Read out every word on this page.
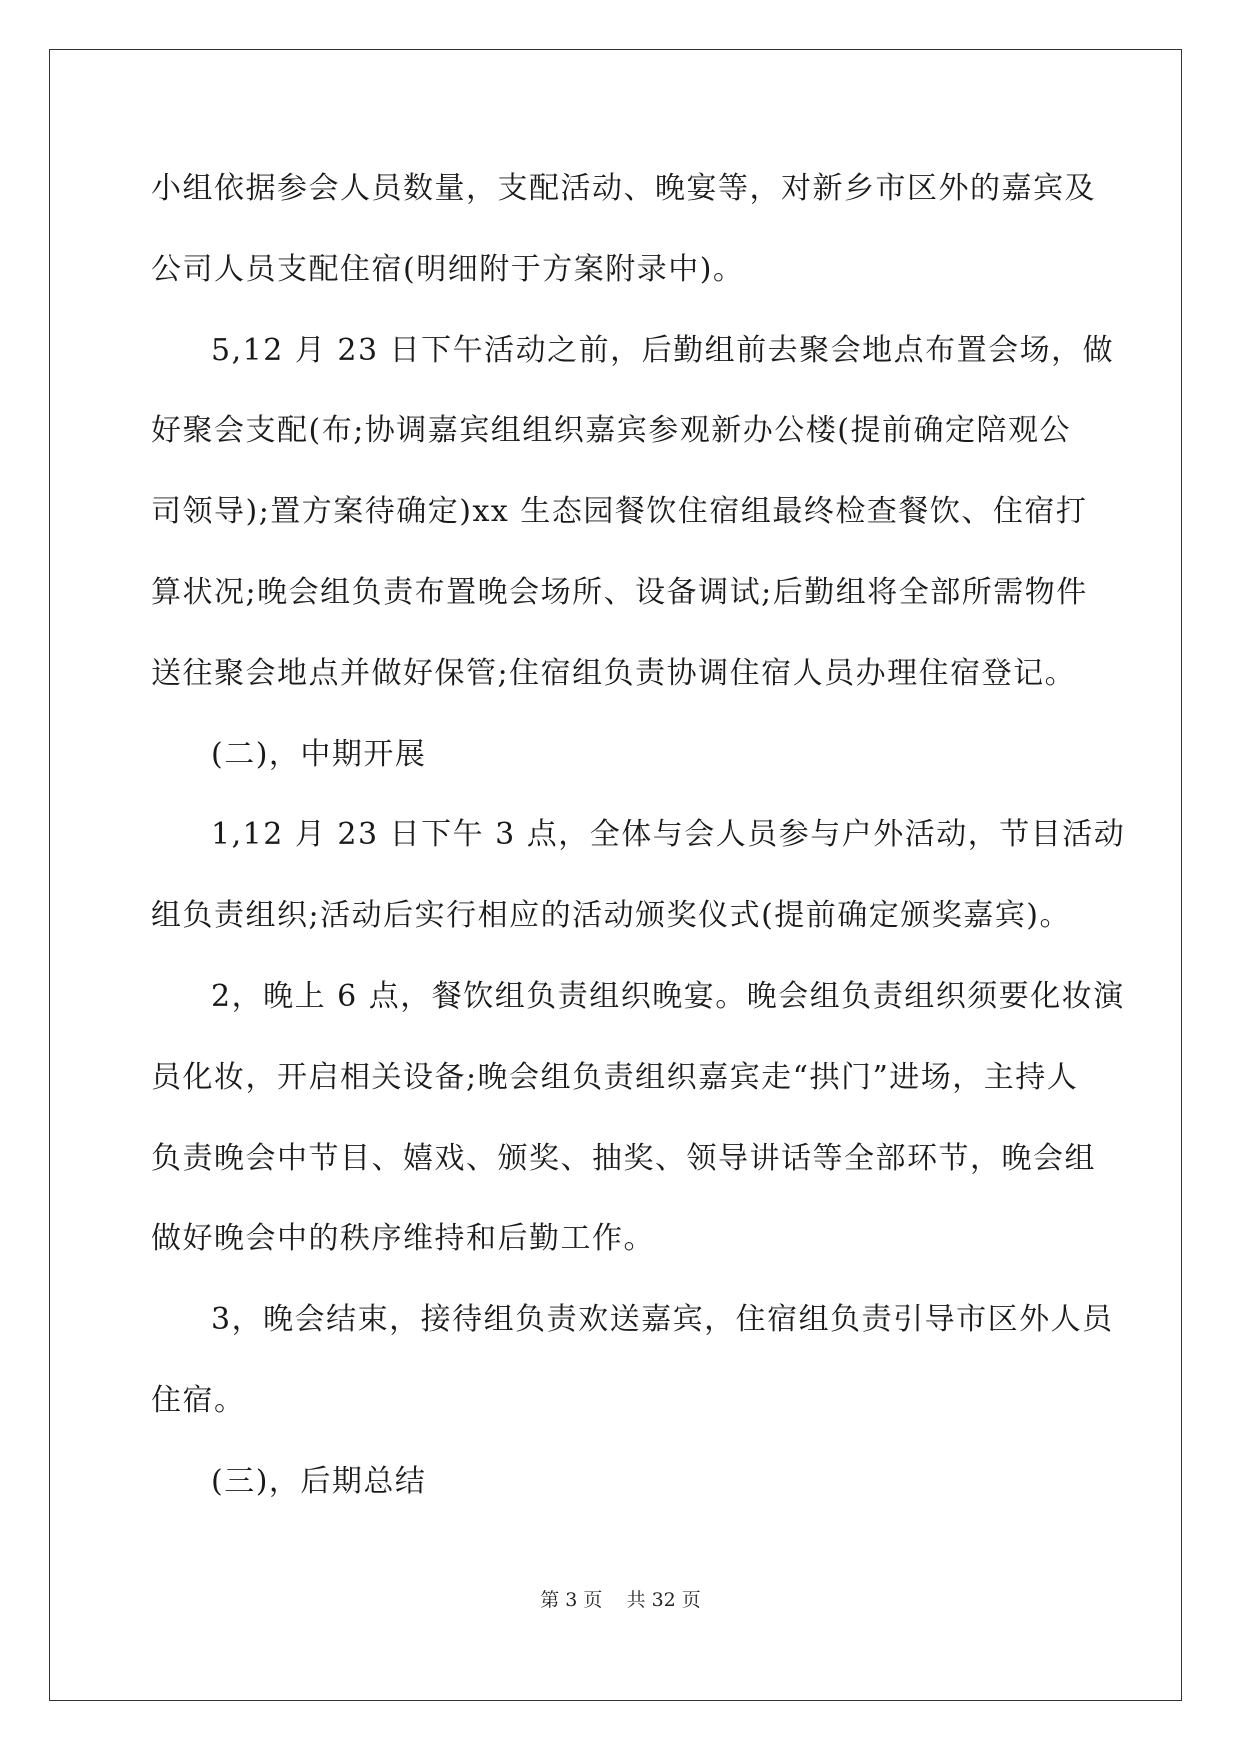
小组依据参会人员数量，支配活动、晚宴等，对新乡市区外的嘉宾及
公司人员支配住宿(明细附于方案附录中)。
5,12 月 23 日下午活动之前，后勤组前去聚会地点布置会场，做
好聚会支配(布;协调嘉宾组组织嘉宾参观新办公楼(提前确定陪观公
司领导);置方案待确定)xx 生态园餐饮住宿组最终检查餐饮、住宿打
算状况;晚会组负责布置晚会场所、设备调试;后勤组将全部所需物件
送往聚会地点并做好保管;住宿组负责协调住宿人员办理住宿登记。
(二)，中期开展
1,12 月 23 日下午 3 点，全体与会人员参与户外活动，节目活动
组负责组织;活动后实行相应的活动颁奖仪式(提前确定颁奖嘉宾)。
2，晚上 6 点，餐饮组负责组织晚宴。晚会组负责组织须要化妆演
员化妆，开启相关设备;晚会组负责组织嘉宾走“拱门”进场，主持人
负责晚会中节目、嬉戏、颁奖、抽奖、领导讲话等全部环节，晚会组
做好晚会中的秩序维持和后勤工作。
3，晚会结束，接待组负责欢送嘉宾，住宿组负责引导市区外人员
住宿。
(三)，后期总结
第 3 页 共 32 页
